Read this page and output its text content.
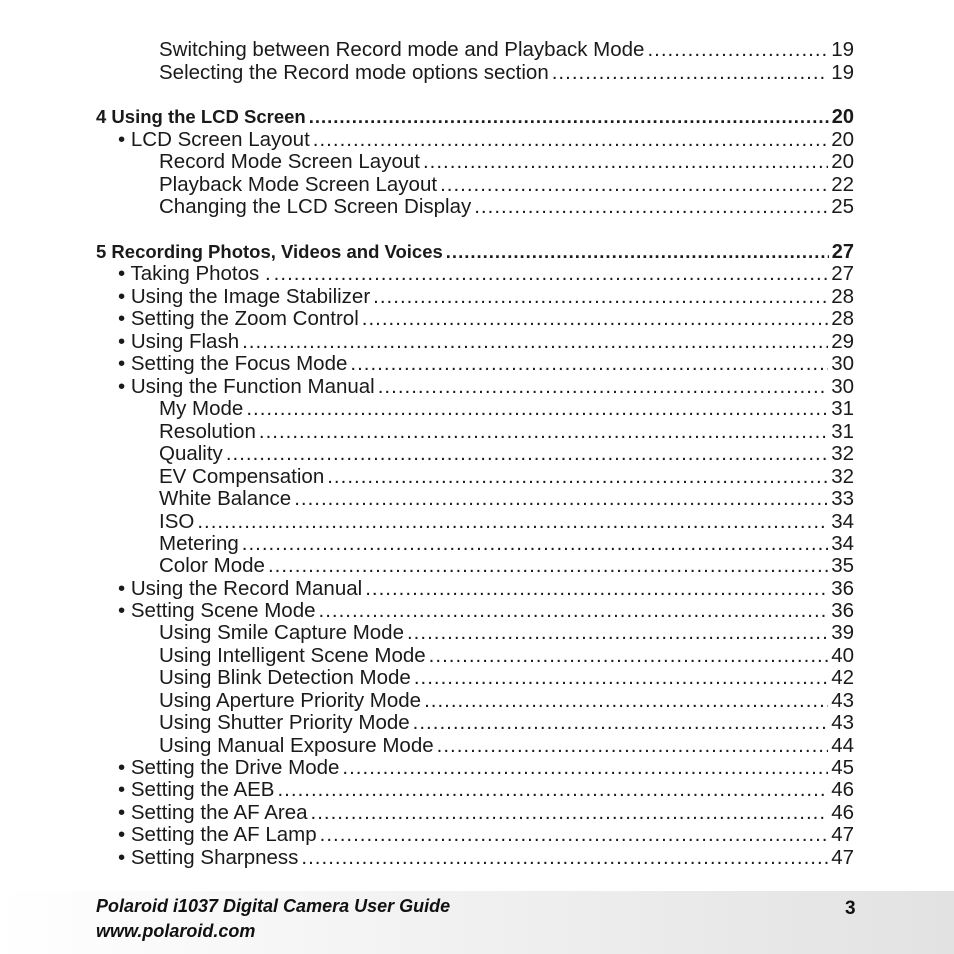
Switching between Record mode and Playback Mode .....	19
Selecting the Record mode options section .....	19
4 Using the LCD Screen .....	20
• LCD Screen Layout .....	20
Record Mode Screen Layout .....	20
Playback Mode Screen Layout .....	22
Changing the LCD Screen Display .....	25
5 Recording Photos, Videos and Voices .....	27
• Taking Photos . .....	27
• Using the Image Stabilizer .....	28
• Setting the Zoom Control .....	28
• Using Flash .....	29
• Setting the Focus Mode .....	30
• Using the Function Manual .....	30
My Mode .....	31
Resolution .....	31
Quality .....	32
EV Compensation .....	32
White Balance .....	33
ISO .....	34
Metering .....	34
Color Mode .....	35
• Using the Record Manual .....	36
• Setting Scene Mode .....	36
Using Smile Capture Mode .....	39
Using Intelligent Scene Mode .....	40
Using Blink Detection Mode .....	42
Using Aperture Priority Mode .....	43
Using Shutter Priority Mode .....	43
Using Manual Exposure Mode .....	44
• Setting the Drive Mode .....	45
• Setting the AEB .....	46
• Setting the AF Area .....	46
• Setting the AF Lamp .....	47
• Setting Sharpness .....	47
Polaroid i1037 Digital Camera User Guide
www.polaroid.com
3
